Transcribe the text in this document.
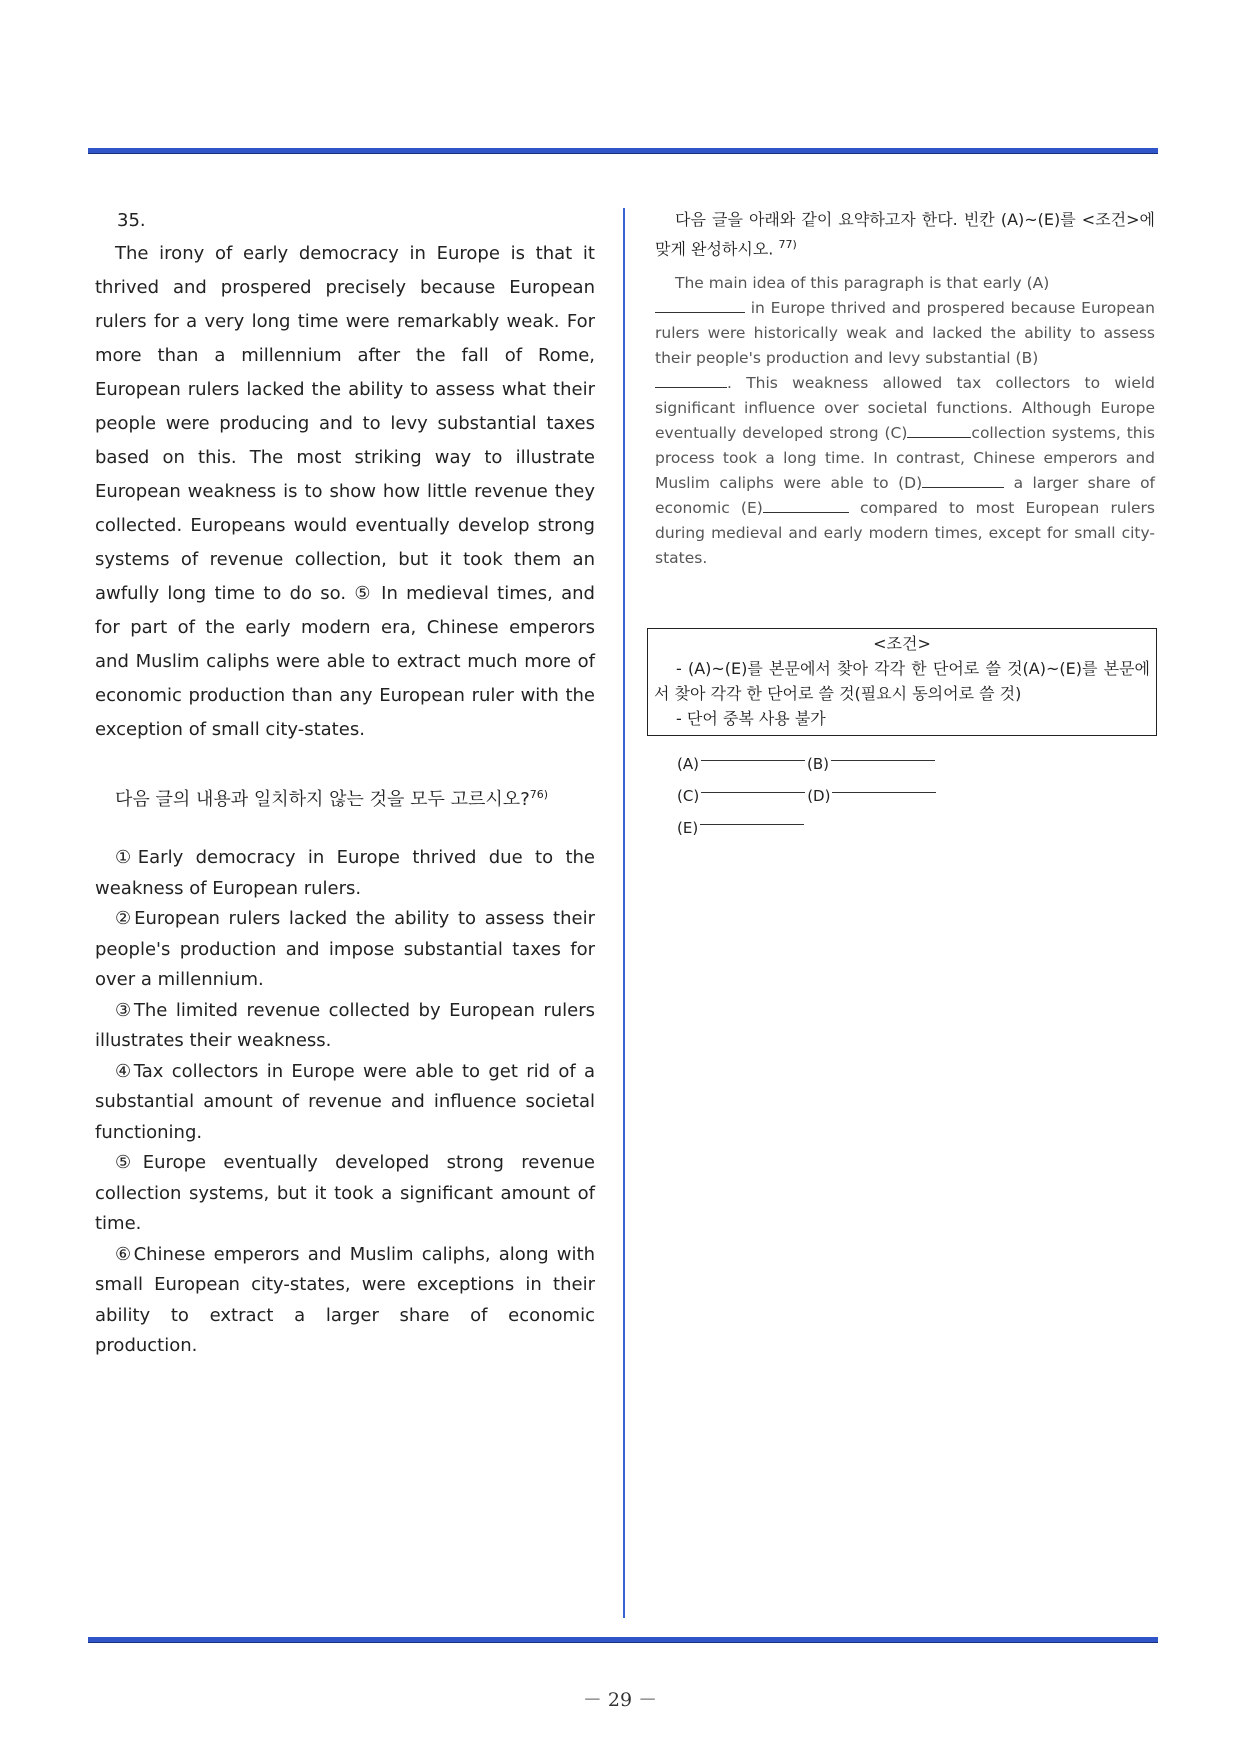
35.

The irony of early democracy in Europe is that it thrived and prospered precisely because European rulers for a very long time were remarkably weak. For more than a millennium after the fall of Rome, European rulers lacked the ability to assess what their people were producing and to levy substantial taxes based on this. The most striking way to illustrate European weakness is to show how little revenue they collected. Europeans would eventually develop strong systems of revenue collection, but it took them an awfully long time to do so. ⑤ In medieval times, and for part of the early modern era, Chinese emperors and Muslim caliphs were able to extract much more of economic production than any European ruler with the exception of small city-states.

다음 글의 내용과 일치하지 않는 것을 모두 고르시오?$^{76)}$

①Early democracy in Europe thrived due to the weakness of European rulers.

②European rulers lacked the ability to assess their people's production and impose substantial taxes for over a millennium.

③The limited revenue collected by European rulers illustrates their weakness.

④Tax collectors in Europe were able to get rid of a substantial amount of revenue and influence societal functioning.

⑤Europe eventually developed strong revenue collection systems, but it took a significant amount of time.

⑥Chinese emperors and Muslim caliphs, along with small European city-states, were exceptions in their ability to extract a larger share of economic production.

다음 글을 아래와 같이 요약하고자 한다. 빈칸 (A)~(E)를 <조건>에 맞게 완성하시오. $^{77)}$

The main idea of this paragraph is that early (A)
in Europe thrived and prospered because European rulers were historically weak and lacked the ability to assess their people's production and levy substantial (B)
. This weakness allowed tax collectors to wield significant influence over societal functions. Although Europe eventually developed strong (C)	collection systems, this process took a long time. In contrast, Chinese emperors and Muslim caliphs were able to (D)	a larger share of economic (E)	compared to most European rulers during medieval and early modern times, except for small city-states.
<조건>
- (A)~(E)를 본문에서 찾아 각각 한 단어로 쓸 것(A)~(E)를 본문에서 찾아 각각 한 단어로 쓸 것(필요시 동의어로 쓸 것)
- 단어 중복 사용 불가
(A)	(B)
(C)	(D)
(E)
－ 29 －
